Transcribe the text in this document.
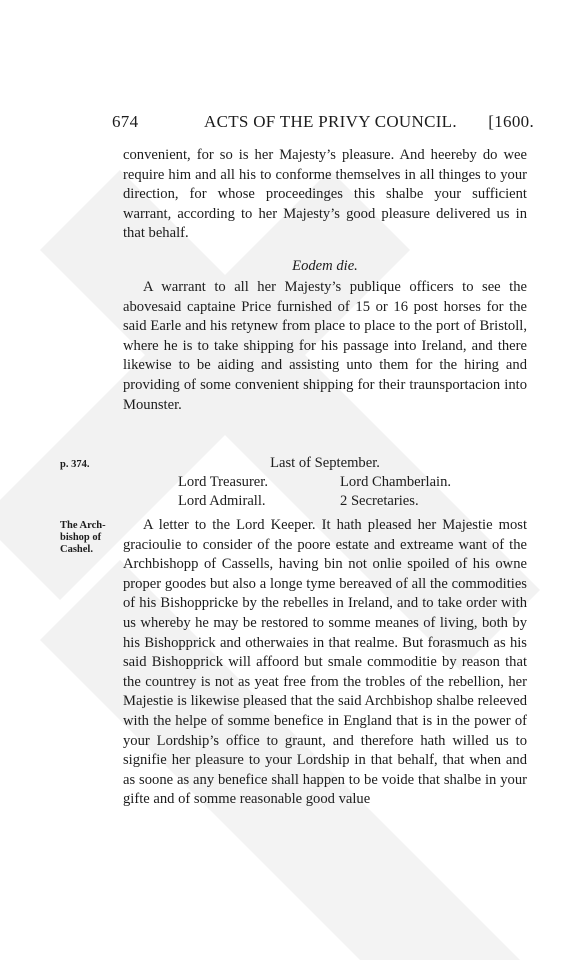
674	ACTS OF THE PRIVY COUNCIL. [1600.

convenient, for so is her Majesty’s pleasure. And heereby do wee require him and all his to conforme themselves in all thinges to your direction, for whose proceedinges this shalbe your sufficient warrant, according to her Majesty’s good pleasure delivered us in that behalf.

Eodem die.

A warrant to all her Majesty’s publique officers to see the abovesaid captaine Price furnished of 15 or 16 post horses for the said Earle and his retynew from place to place to the port of Bristoll, where he is to take shipping for his passage into Ireland, and there likewise to be aiding and assisting unto them for the hiring and providing of some convenient shipping for their traunsportacion into Mounster.

p. 374.	Last of September.
Lord Treasurer.	Lord Chamberlain.
Lord Admirall.	2 Secretaries.
The Arch-bishop of Cashel.

A letter to the Lord Keeper. It hath pleased her Majestie most gracioulie to consider of the poore estate and extreame want of the Archbishopp of Cassells, having bin not onlie spoiled of his owne proper goodes but also a longe tyme bereaved of all the commodities of his Bishoppricke by the rebelles in Ireland, and to take order with us whereby he may be restored to somme meanes of living, both by his Bishopprick and otherwaies in that realme. But forasmuch as his said Bishopprick will affoord but smale commoditie by reason that the countrey is not as yeat free from the trobles of the rebellion, her Majestie is likewise pleased that the said Archbishop shalbe releeved with the helpe of somme benefice in England that is in the power of your Lordship’s office to graunt, and therefore hath willed us to signifie her pleasure to your Lordship in that behalf, that when and as soone as any benefice shall happen to be voide that shalbe in your gifte and of somme reasonable good value
